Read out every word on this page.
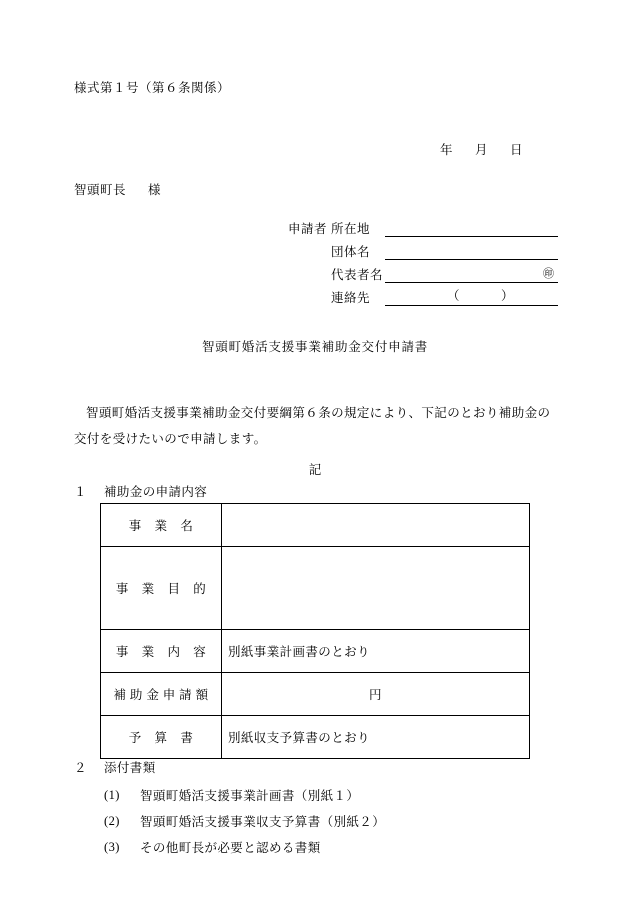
様式第１号（第６条関係）
年 月 日
智頭町長 様
申請者 所在地

団体名

代表者名	㊞

連絡先	（　　　）
智頭町婚活支援事業補助金交付申請書
智頭町婚活支援事業補助金交付要綱第６条の規定により、下記のとおり補助金の交付を受けたいので申請します。
記
１ 補助金の申請内容
事　業　名	
事　業　目　的	
事　業　内　容	別紙事業計画書のとおり
補 助 金 申 請 額	円
予　算　書	別紙収支予算書のとおり
２ 添付書類
(1)	智頭町婚活支援事業計画書（別紙１）
(2)	智頭町婚活支援事業収支予算書（別紙２）
(3)	その他町長が必要と認める書類
